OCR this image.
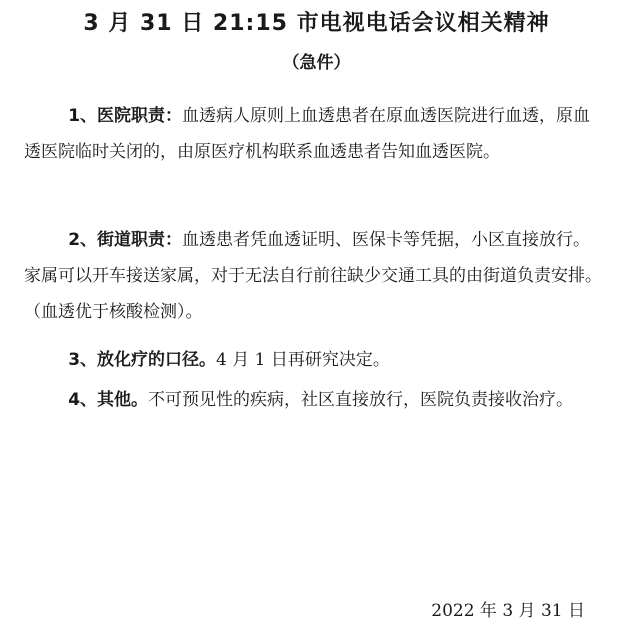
3 月 31 日 21:15 市电视电话会议相关精神

（急件）

1、医院职责：血透病人原则上血透患者在原血透医院进行血透，原血透医院临时关闭的，由原医疗机构联系血透患者告知血透医院。

2、街道职责：血透患者凭血透证明、医保卡等凭据，小区直接放行。家属可以开车接送家属，对于无法自行前往缺少交通工具的由街道负责安排。（血透优于核酸检测）。

3、放化疗的口径。4 月 1 日再研究决定。

4、其他。不可预见性的疾病，社区直接放行，医院负责接收治疗。

2022 年 3 月 31 日
